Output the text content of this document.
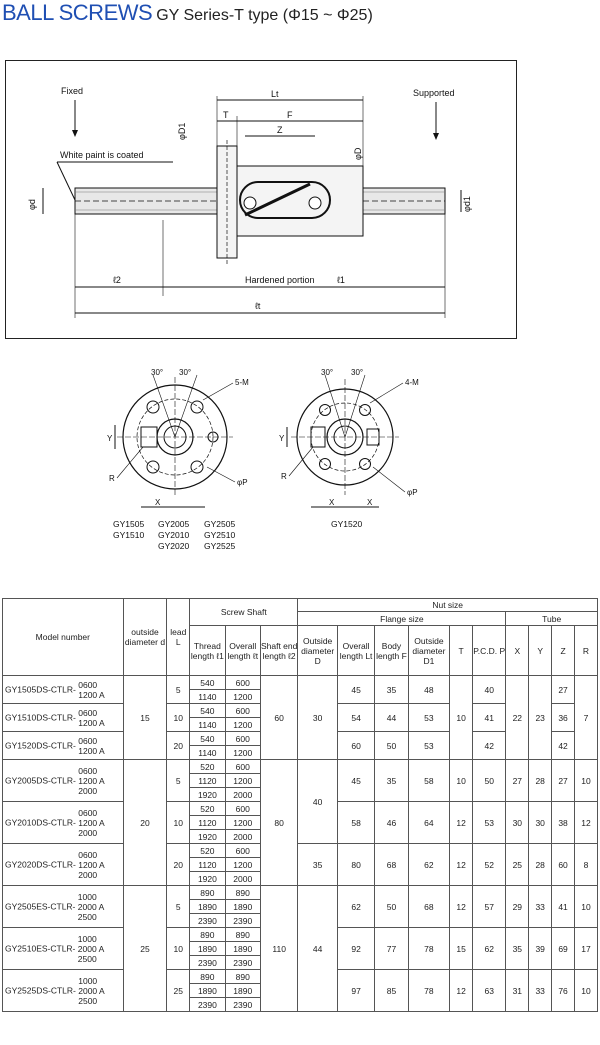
BALL SCREWS GY Series-T type (Φ15 ~ Φ25)
Fixed	Supported
White paint is coated
Lt
T	F
Z
φD1
φD
φd	φd1
ℓ2	Hardened portion ℓ1
ℓt
30° 30°
5-M
Y
R	φP
X
30° 30°
4-M
Y
R
φP
X	X
GY1505
GY1510
GY2005
GY2010
GY2020
GY2505
GY2510
GY2525
GY1520
Model number	outside diameter d	lead L	Screw Shaft			Nut size									
						Flange size						Tube			
			Thread length ℓ1	Overall length ℓt	Shaft end length ℓ2	Outside diameter D	Overall length Lt	Body length F	Outside diameter D1	T	P.C.D. P	X	Y	Z	R
GY1505DS-CTLR- 0600
1200 A	15	5	540	600	60	30	45	35	48	10	40	22	23	27	7
			1140	1200											
GY1510DS-CTLR- 0600
1200 A		10	540	600			54	44	53		41			36	
			1140	1200											
GY1520DS-CTLR- 0600
1200 A		20	540	600			60	50	53		42			42	
			1140	1200											
GY2005DS-CTLR- 0600
1200 A
2000	20	5	520	600	80	40	45	35	58	10	50	27	28	27	10
			1120	1200											
			1920	2000											
GY2010DS-CTLR- 0600
1200 A
2000		10	520	600			58	46	64	12	53	30	30	38	12
			1120	1200											
			1920	2000											
GY2020DS-CTLR- 0600
1200 A
2000		20	520	600		35	80	68	62	12	52	25	28	60	8
			1120	1200											
			1920	2000											
GY2505ES-CTLR- 1000
2000 A
2500	25	5	890	890	110	44	62	50	68	12	57	29	33	41	10
			1890	1890											
			2390	2390											
GY2510ES-CTLR- 1000
2000 A
2500		10	890	890			92	77	78	15	62	35	39	69	17
			1890	1890											
			2390	2390											
GY2525DS-CTLR- 1000
2000 A
2500		25	890	890			97	85	78	12	63	31	33	76	10
			1890	1890											
			2390	2390											
